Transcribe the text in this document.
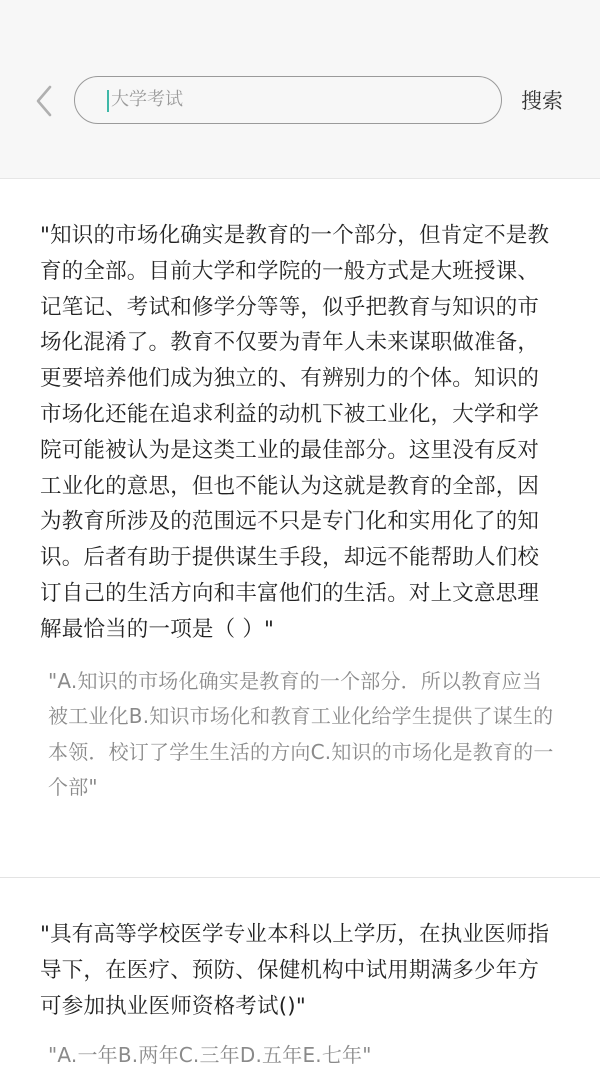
大学考试
搜索

"知识的市场化确实是教育的一个部分，但肯定不是教育的全部。目前大学和学院的一般方式是大班授课、记笔记、考试和修学分等等，似乎把教育与知识的市场化混淆了。教育不仅要为青年人未来谋职做准备，更要培养他们成为独立的、有辨别力的个体。知识的市场化还能在追求利益的动机下被工业化，大学和学院可能被认为是这类工业的最佳部分。这里没有反对工业化的意思，但也不能认为这就是教育的全部，因为教育所涉及的范围远不只是专门化和实用化了的知识。后者有助于提供谋生手段，却远不能帮助人们校订自己的生活方向和丰富他们的生活。对上文意思理解最恰当的一项是（ ）"

"A.知识的市场化确实是教育的一个部分．所以教育应当被工业化B.知识市场化和教育工业化给学生提供了谋生的本领．校订了学生生活的方向C.知识的市场化是教育的一个部"

"具有高等学校医学专业本科以上学历，在执业医师指导下，在医疗、预防、保健机构中试用期满多少年方可参加执业医师资格考试()"

"A.一年B.两年C.三年D.五年E.七年"
